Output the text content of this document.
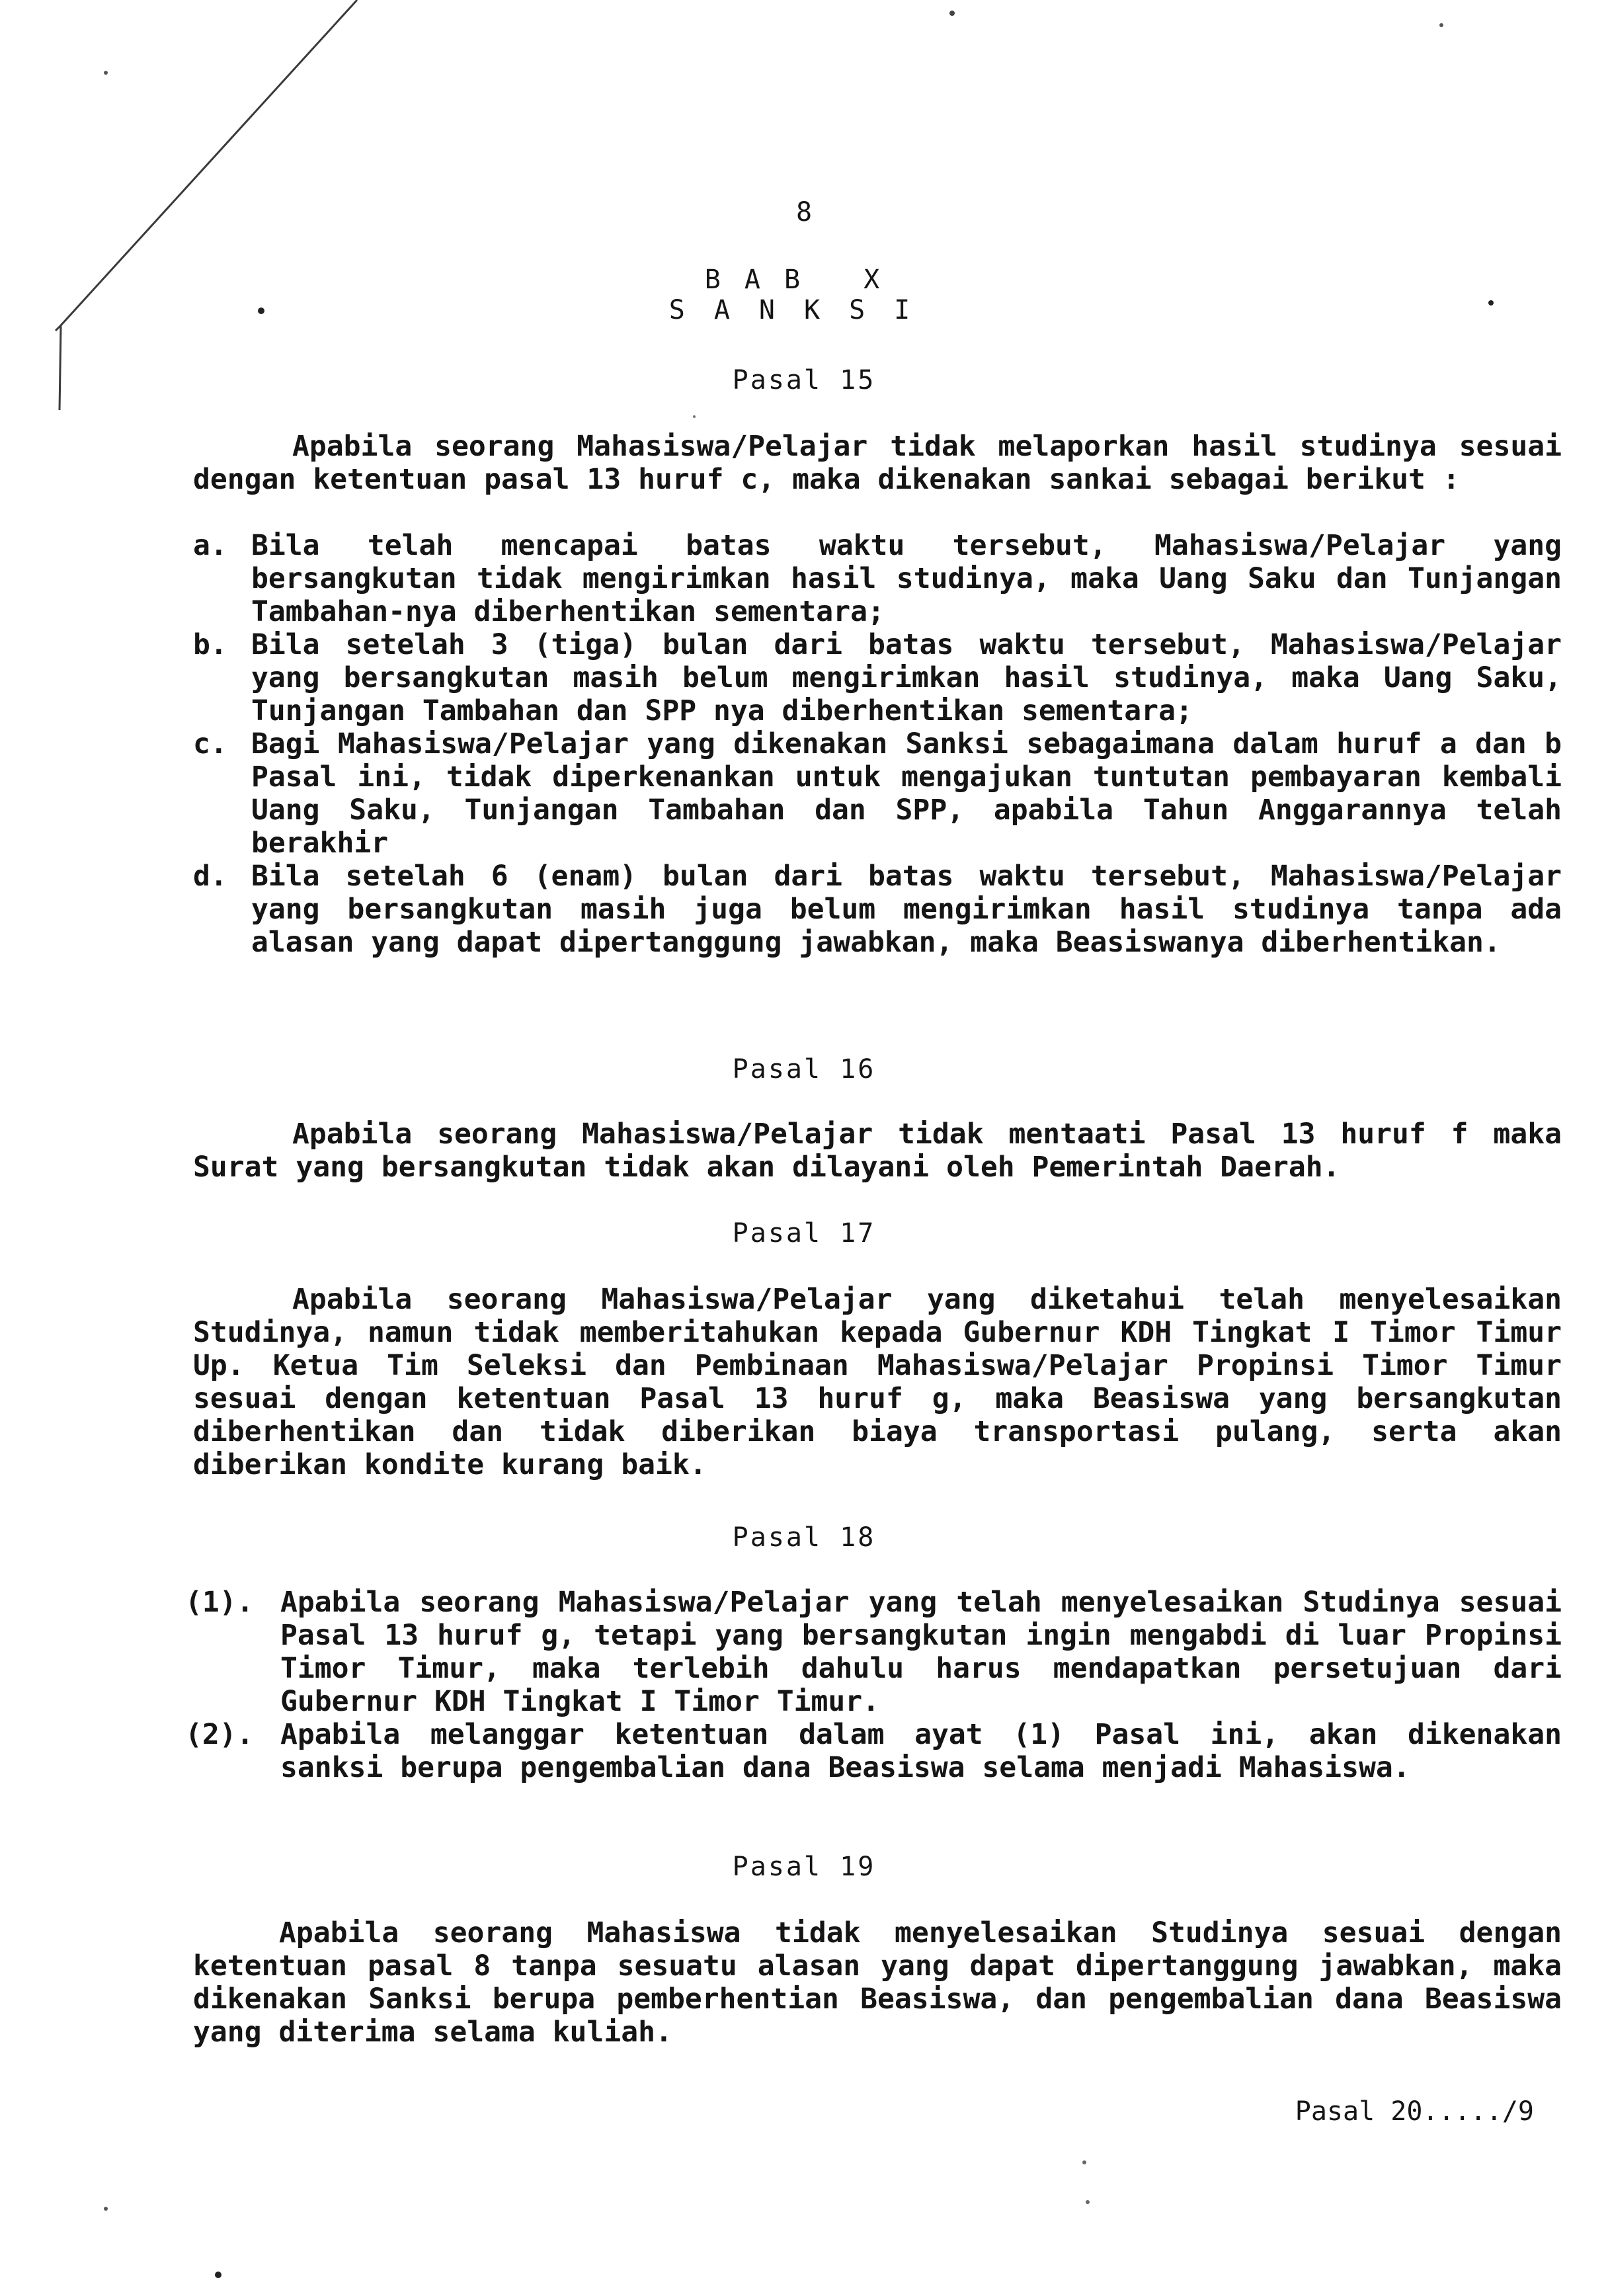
8
BAB X
SANKSI
Pasal 15
Apabila seorang Mahasiswa/Pelajar tidak melaporkan hasil studinya sesuai dengan ketentuan pasal 13 huruf c, maka dikenakan sankai sebagai berikut :
a. Bila telah mencapai batas waktu tersebut, Mahasiswa/Pelajar yang bersangkutan tidak mengirimkan hasil studinya, maka Uang Saku dan Tunjangan Tambahan-nya diberhentikan sementara;
b. Bila setelah 3 (tiga) bulan dari batas waktu tersebut, Mahasiswa/Pelajar yang bersangkutan masih belum mengirimkan hasil studinya, maka Uang Saku, Tunjangan Tambahan dan SPP nya diberhentikan sementara;
c. Bagi Mahasiswa/Pelajar yang dikenakan Sanksi sebagaimana dalam huruf a dan b Pasal ini, tidak diperkenankan untuk mengajukan tuntutan pembayaran kembali Uang Saku, Tunjangan Tambahan dan SPP, apabila Tahun Anggarannya telah berakhir
d. Bila setelah 6 (enam) bulan dari batas waktu tersebut, Mahasiswa/Pelajar yang bersangkutan masih juga belum mengirimkan hasil studinya tanpa ada alasan yang dapat dipertanggung jawabkan, maka Beasiswanya diberhentikan.
Pasal 16
Apabila seorang Mahasiswa/Pelajar tidak mentaati Pasal 13 huruf f maka Surat yang bersangkutan tidak akan dilayani oleh Pemerintah Daerah.
Pasal 17
Apabila seorang Mahasiswa/Pelajar yang diketahui telah menyelesaikan Studinya, namun tidak memberitahukan kepada Gubernur KDH Tingkat I Timor Timur Up. Ketua Tim Seleksi dan Pembinaan Mahasiswa/Pelajar Propinsi Timor Timur sesuai dengan ketentuan Pasal 13 huruf g, maka Beasiswa yang bersangkutan diberhentikan dan tidak diberikan biaya transportasi pulang, serta akan diberikan kondite kurang baik.
Pasal 18
(1). Apabila seorang Mahasiswa/Pelajar yang telah menyelesaikan Studinya sesuai Pasal 13 huruf g, tetapi yang bersangkutan ingin mengabdi di luar Propinsi Timor Timur, maka terlebih dahulu harus mendapatkan persetujuan dari Gubernur KDH Tingkat I Timor Timur.
(2). Apabila melanggar ketentuan dalam ayat (1) Pasal ini, akan dikenakan sanksi berupa pengembalian dana Beasiswa selama menjadi Mahasiswa.
Pasal 19
Apabila seorang Mahasiswa tidak menyelesaikan Studinya sesuai dengan ketentuan pasal 8 tanpa sesuatu alasan yang dapat dipertanggung jawabkan, maka dikenakan Sanksi berupa pemberhentian Beasiswa, dan pengembalian dana Beasiswa yang diterima selama kuliah.
Pasal 20...../9
